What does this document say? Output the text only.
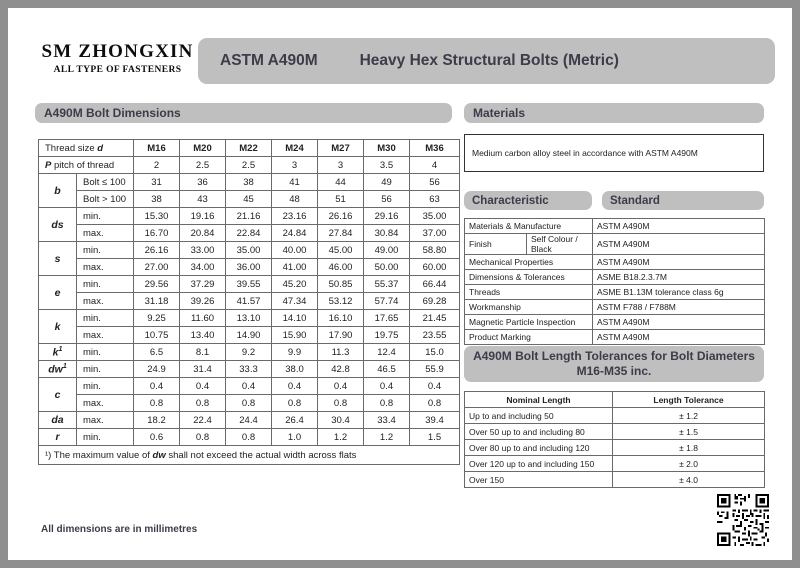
SM ZHONGXIN
ALL TYPE OF FASTENERS
ASTM A490M	Heavy Hex Structural Bolts (Metric)
A490M Bolt Dimensions
Thread size d		M16	M20	M22	M24	M27	M30	M36
P pitch of thread		2	2.5	2.5	3	3	3.5	4
b	Bolt ≤ 100	31	36	38	41	44	49	56
	Bolt > 100	38	43	45	48	51	56	63
ds	min.	15.30	19.16	21.16	23.16	26.16	29.16	35.00
	max.	16.70	20.84	22.84	24.84	27.84	30.84	37.00
s	min.	26.16	33.00	35.00	40.00	45.00	49.00	58.80
	max.	27.00	34.00	36.00	41.00	46.00	50.00	60.00
e	min.	29.56	37.29	39.55	45.20	50.85	55.37	66.44
	max.	31.18	39.26	41.57	47.34	53.12	57.74	69.28
k	min.	9.25	11.60	13.10	14.10	16.10	17.65	21.45
	max.	10.75	13.40	14.90	15.90	17.90	19.75	23.55
$k^1$	min.	6.5	8.1	9.2	9.9	11.3	12.4	15.0
$dw^1$	min.	24.9	31.4	33.3	38.0	42.8	46.5	55.9
c	min.	0.4	0.4	0.4	0.4	0.4	0.4	0.4
	max.	0.8	0.8	0.8	0.8	0.8	0.8	0.8
da	max.	18.2	22.4	24.4	26.4	30.4	33.4	39.4
r	min.	0.6	0.8	0.8	1.0	1.2	1.2	1.5
¹) The maximum value of dw shall not exceed the actual width across flats								
All dimensions are in millimetres
Materials
Medium carbon alloy steel in accordance with ASTM A490M
Characteristic	Standard
Materials & Manufacture		ASTM A490M
Finish	Self Colour / Black	ASTM A490M
Mechanical Properties		ASTM A490M
Dimensions & Tolerances		ASME B18.2.3.7M
Threads		ASME B1.13M tolerance class 6g
Workmanship		ASTM F788 / F788M
Magnetic Particle Inspection		ASTM A490M
Product Marking		ASTM A490M
A490M Bolt Length Tolerances for Bolt Diameters M16-M35 inc.
Nominal Length	Length Tolerance
Up to and including 50	± 1.2
Over 50 up to and including 80	± 1.5
Over 80 up to and including 120	± 1.8
Over 120 up to and including 150	± 2.0
Over 150	± 4.0
